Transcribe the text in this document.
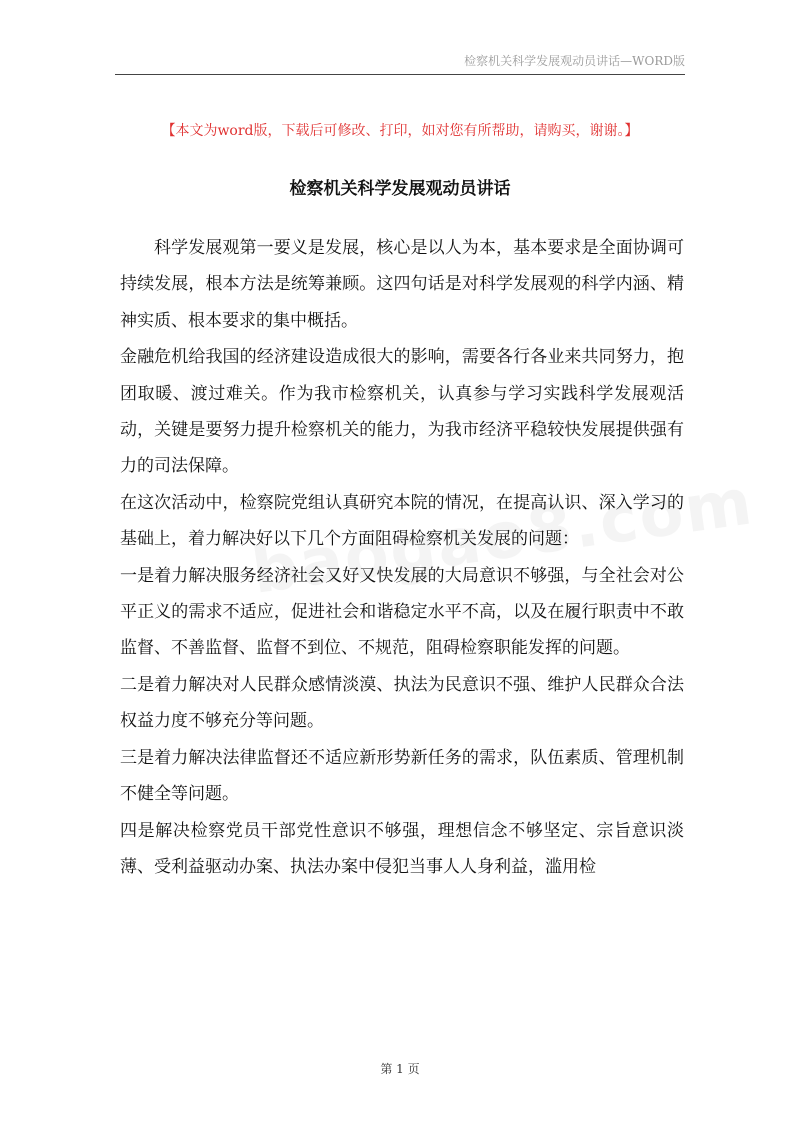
检察机关科学发展观动员讲话—WORD版
【本文为word版，下载后可修改、打印，如对您有所帮助，请购买，谢谢。】
检察机关科学发展观动员讲话

科学发展观第一要义是发展，核心是以人为本，基本要求是全面协调可持续发展，根本方法是统筹兼顾。这四句话是对科学发展观的科学内涵、精神实质、根本要求的集中概括。

金融危机给我国的经济建设造成很大的影响，需要各行各业来共同努力，抱团取暖、渡过难关。作为我市检察机关，认真参与学习实践科学发展观活动，关键是要努力提升检察机关的能力，为我市经济平稳较快发展提供强有力的司法保障。

在这次活动中，检察院党组认真研究本院的情况，在提高认识、深入学习的基础上，着力解决好以下几个方面阻碍检察机关发展的问题：

一是着力解决服务经济社会又好又快发展的大局意识不够强，与全社会对公平正义的需求不适应，促进社会和谐稳定水平不高，以及在履行职责中不敢监督、不善监督、监督不到位、不规范，阻碍检察职能发挥的问题。

二是着力解决对人民群众感情淡漠、执法为民意识不强、维护人民群众合法权益力度不够充分等问题。

三是着力解决法律监督还不适应新形势新任务的需求，队伍素质、管理机制不健全等问题。

四是解决检察党员干部党性意识不够强，理想信念不够坚定、宗旨意识淡薄、受利益驱动办案、执法办案中侵犯当事人人身利益，滥用检

第 1 页
